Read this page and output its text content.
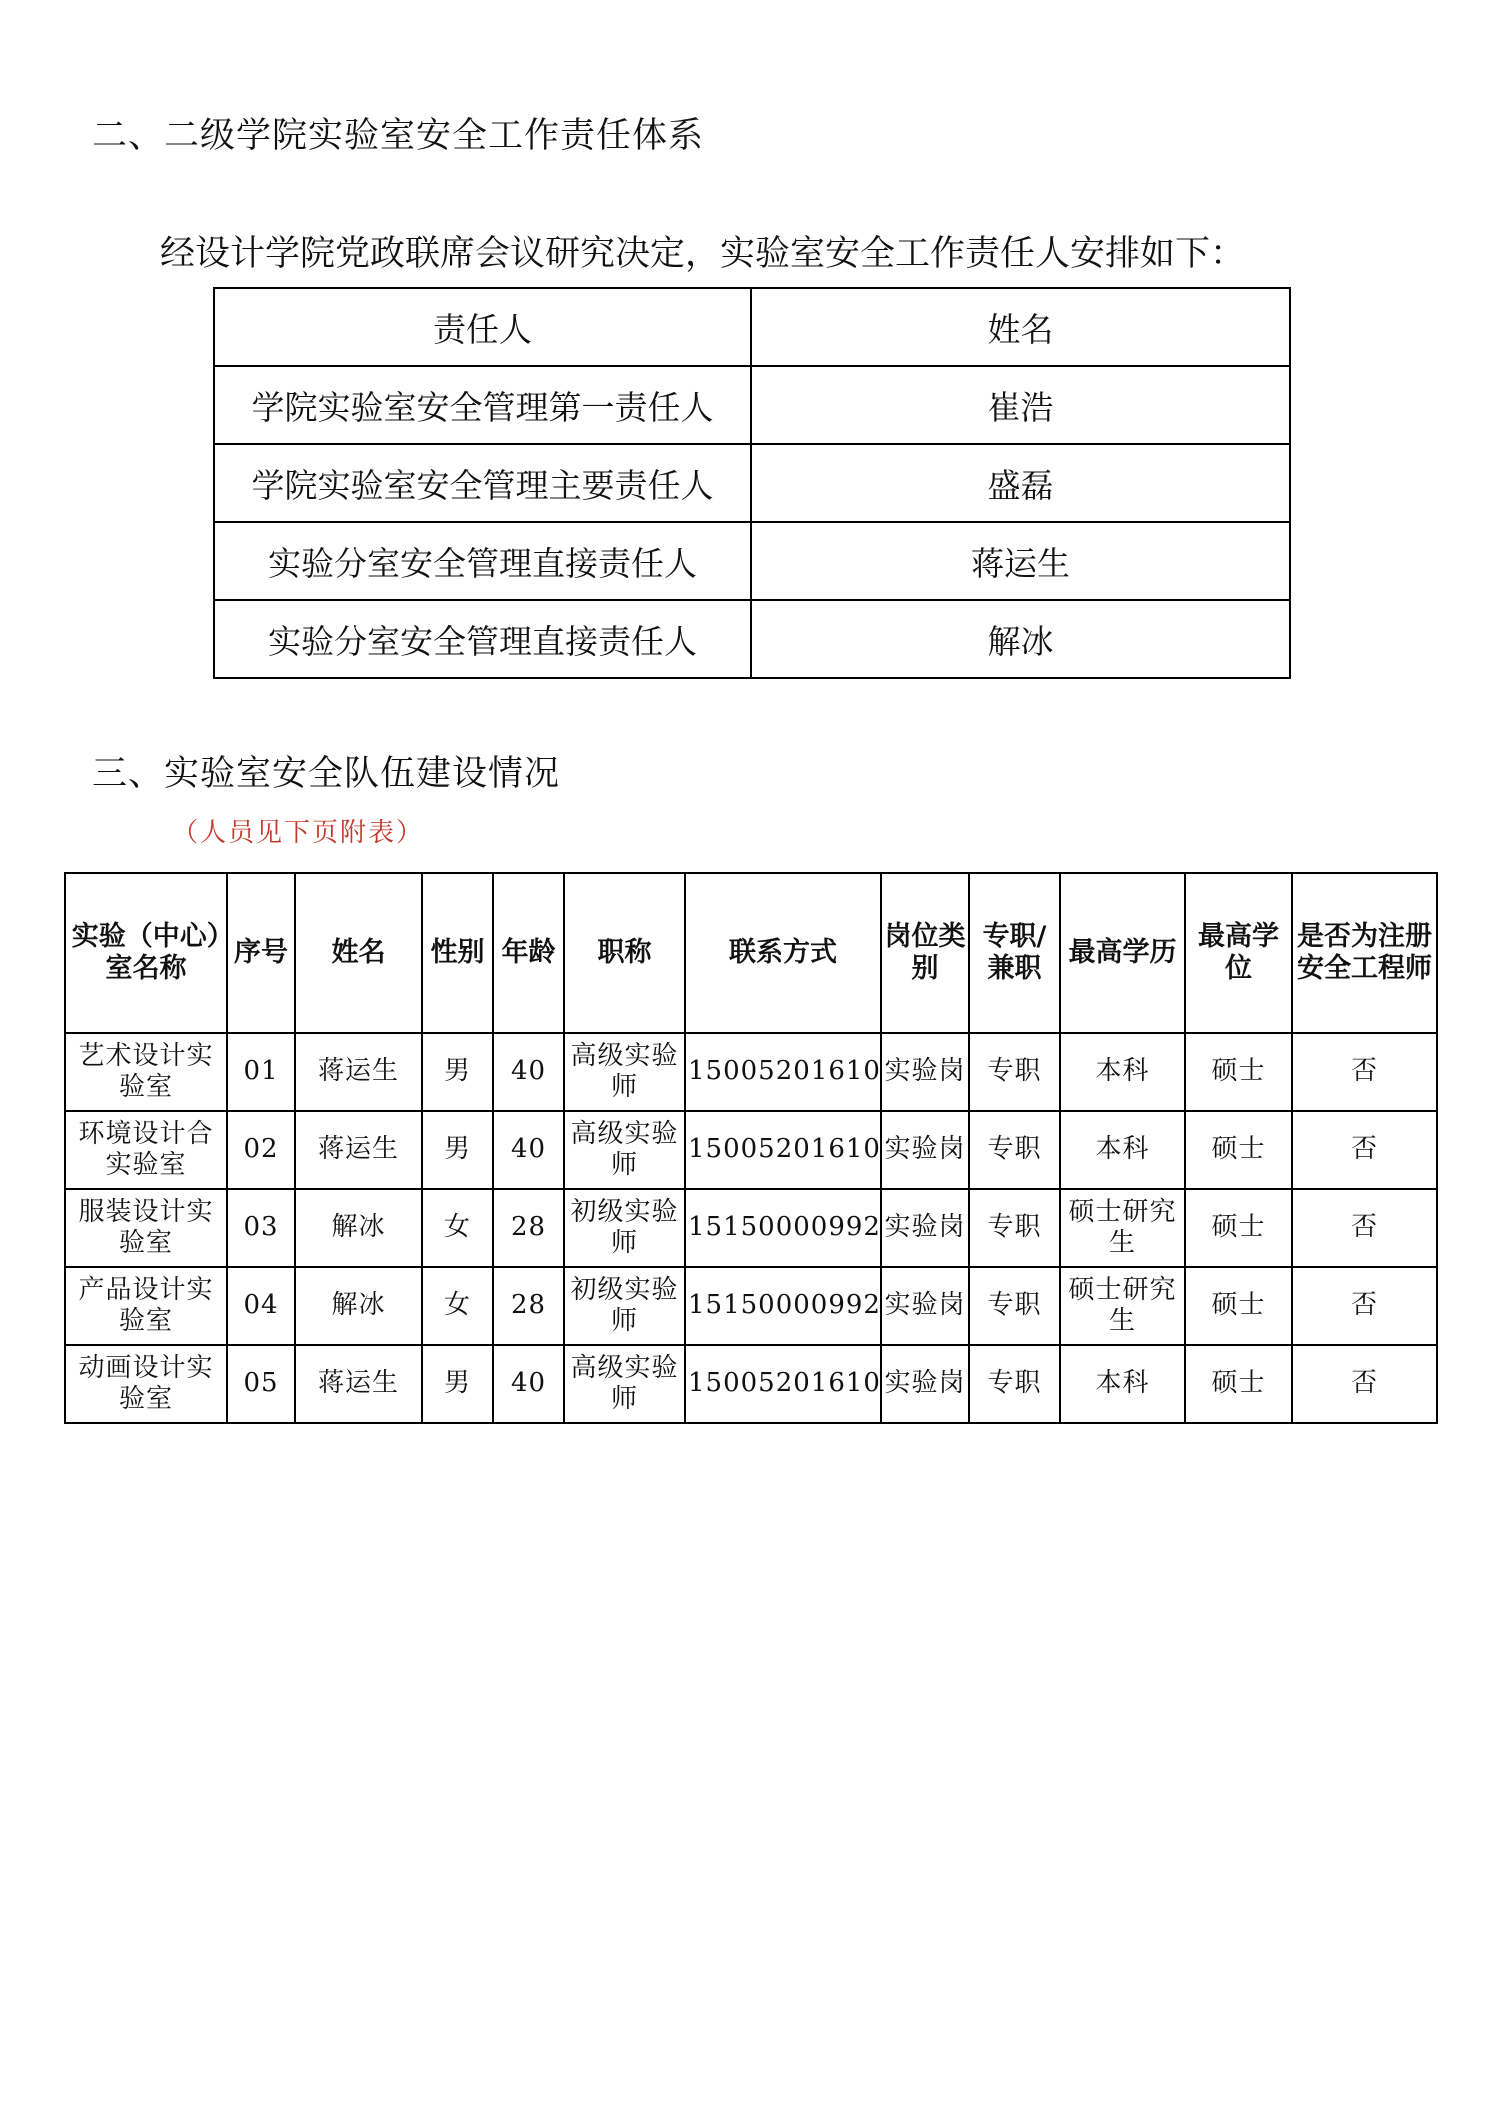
二、二级学院实验室安全工作责任体系

经设计学院党政联席会议研究决定，实验室安全工作责任人安排如下：

责任人	姓名
学院实验室安全管理第一责任人	崔浩
学院实验室安全管理主要责任人	盛磊
实验分室安全管理直接责任人	蒋运生
实验分室安全管理直接责任人	解冰
三、实验室安全队伍建设情况
（人员见下页附表）
实验（中心）室名称	序号	姓名	性别	年龄	职称	联系方式	岗位类别	专职/兼职	最高学历	最高学位	是否为注册安全工程师
艺术设计实验室	01	蒋运生	男	40	高级实验师	15005201610	实验岗	专职	本科	硕士	否
环境设计合实验室	02	蒋运生	男	40	高级实验师	15005201610	实验岗	专职	本科	硕士	否
服装设计实验室	03	解冰	女	28	初级实验师	15150000992	实验岗	专职	硕士研究生	硕士	否
产品设计实验室	04	解冰	女	28	初级实验师	15150000992	实验岗	专职	硕士研究生	硕士	否
动画设计实验室	05	蒋运生	男	40	高级实验师	15005201610	实验岗	专职	本科	硕士	否
